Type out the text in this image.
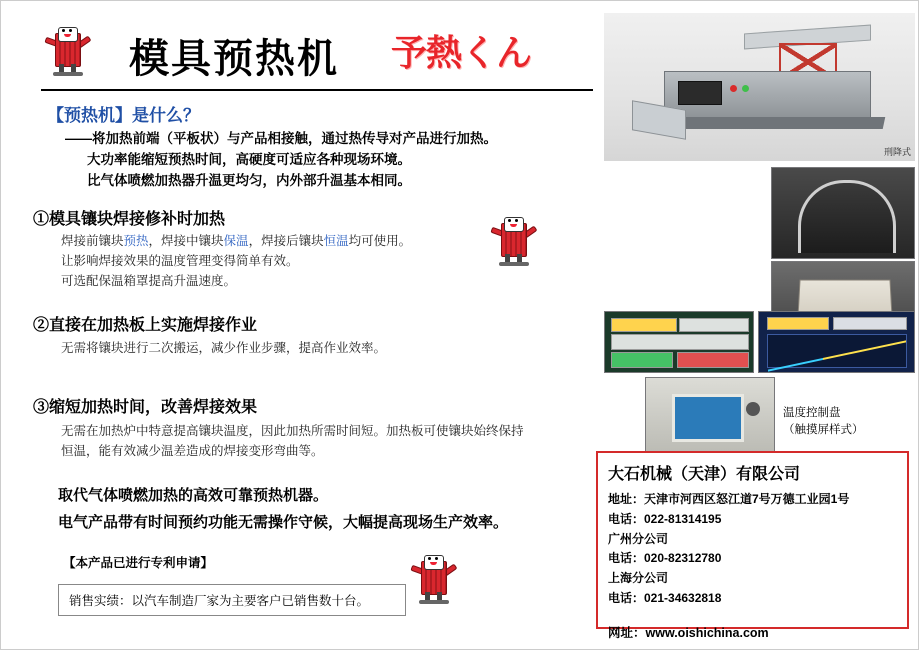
模具预热机 予熱くん
【预热机】是什么？
——将加热前端（平板状）与产品相接触，通过热传导对产品进行加热。
大功率能缩短预热时间，高硬度可适应各种现场环境。
比气体喷燃加热器升温更均匀，内外部升温基本相同。
①模具镶块焊接修补时加热
焊接前镶块预热，焊接中镶块保温，焊接后镶块恒温均可使用。
让影响焊接效果的温度管理变得简单有效。
可选配保温箱罩提高升温速度。
②直接在加热板上实施焊接作业
无需将镶块进行二次搬运，减少作业步骤，提高作业效率。
③缩短加热时间，改善焊接效果
无需在加热炉中特意提高镶块温度，因此加热所需时间短。加热板可使镶块始终保持
恒温，能有效减少温差造成的焊接变形弯曲等。
取代气体喷燃加热的高效可靠预热机器。
电气产品带有时间预约功能无需操作守候，大幅提高现场生产效率。
【本产品已进行专利申请】
销售实绩：以汽车制造厂家为主要客户已销售数十台。
刑降式
温度控制盘
（触摸屏样式）
大石机械（天津）有限公司
地址：天津市河西区怒江道7号万德工业园1号
电话：022-81314195
广州分公司
电话：020-82312780
上海分公司
电话：021-34632818
网址：www.oishichina.com
